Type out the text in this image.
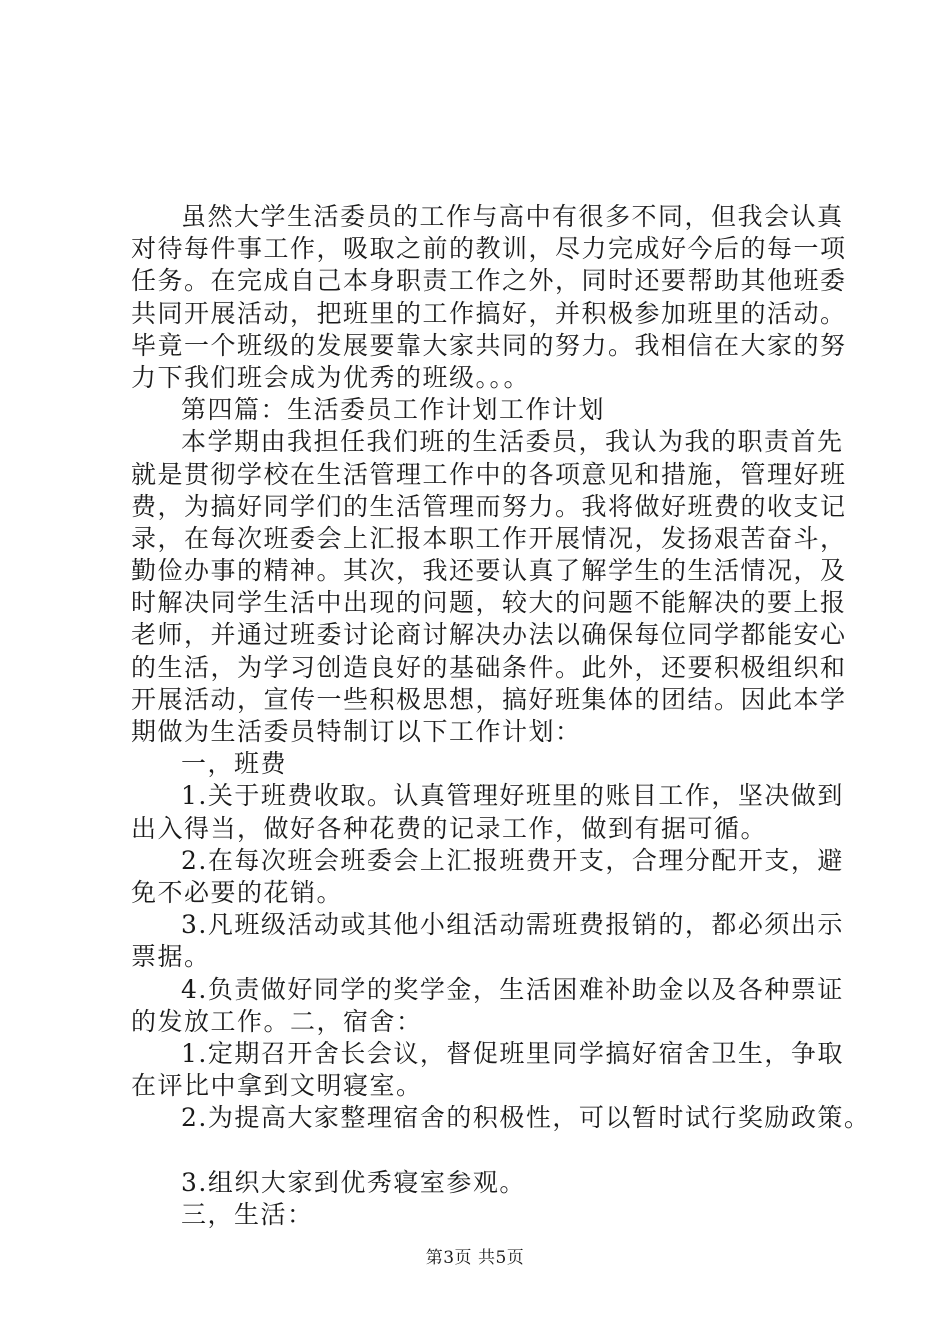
虽然大学生活委员的工作与高中有很多不同，但我会认真
对待每件事工作，吸取之前的教训，尽力完成好今后的每一项
任务。在完成自己本身职责工作之外，同时还要帮助其他班委
共同开展活动，把班里的工作搞好，并积极参加班里的活动。
毕竟一个班级的发展要靠大家共同的努力。我相信在大家的努
力下我们班会成为优秀的班级。。。
第四篇：生活委员工作计划工作计划
本学期由我担任我们班的生活委员，我认为我的职责首先
就是贯彻学校在生活管理工作中的各项意见和措施，管理好班
费，为搞好同学们的生活管理而努力。我将做好班费的收支记
录，在每次班委会上汇报本职工作开展情况，发扬艰苦奋斗，
勤俭办事的精神。其次，我还要认真了解学生的生活情况，及
时解决同学生活中出现的问题，较大的问题不能解决的要上报
老师，并通过班委讨论商讨解决办法以确保每位同学都能安心
的生活，为学习创造良好的基础条件。此外，还要积极组织和
开展活动，宣传一些积极思想，搞好班集体的团结。因此本学
期做为生活委员特制订以下工作计划：
一，班费
1.关于班费收取。认真管理好班里的账目工作，坚决做到
出入得当，做好各种花费的记录工作，做到有据可循。
2.在每次班会班委会上汇报班费开支，合理分配开支，避
免不必要的花销。
3.凡班级活动或其他小组活动需班费报销的，都必须出示
票据。
4.负责做好同学的奖学金，生活困难补助金以及各种票证
的发放工作。二，宿舍：
1.定期召开舍长会议，督促班里同学搞好宿舍卫生，争取
在评比中拿到文明寝室。
2.为提高大家整理宿舍的积极性，可以暂时试行奖励政策。
3.组织大家到优秀寝室参观。
三，生活：
第3页 共5页
